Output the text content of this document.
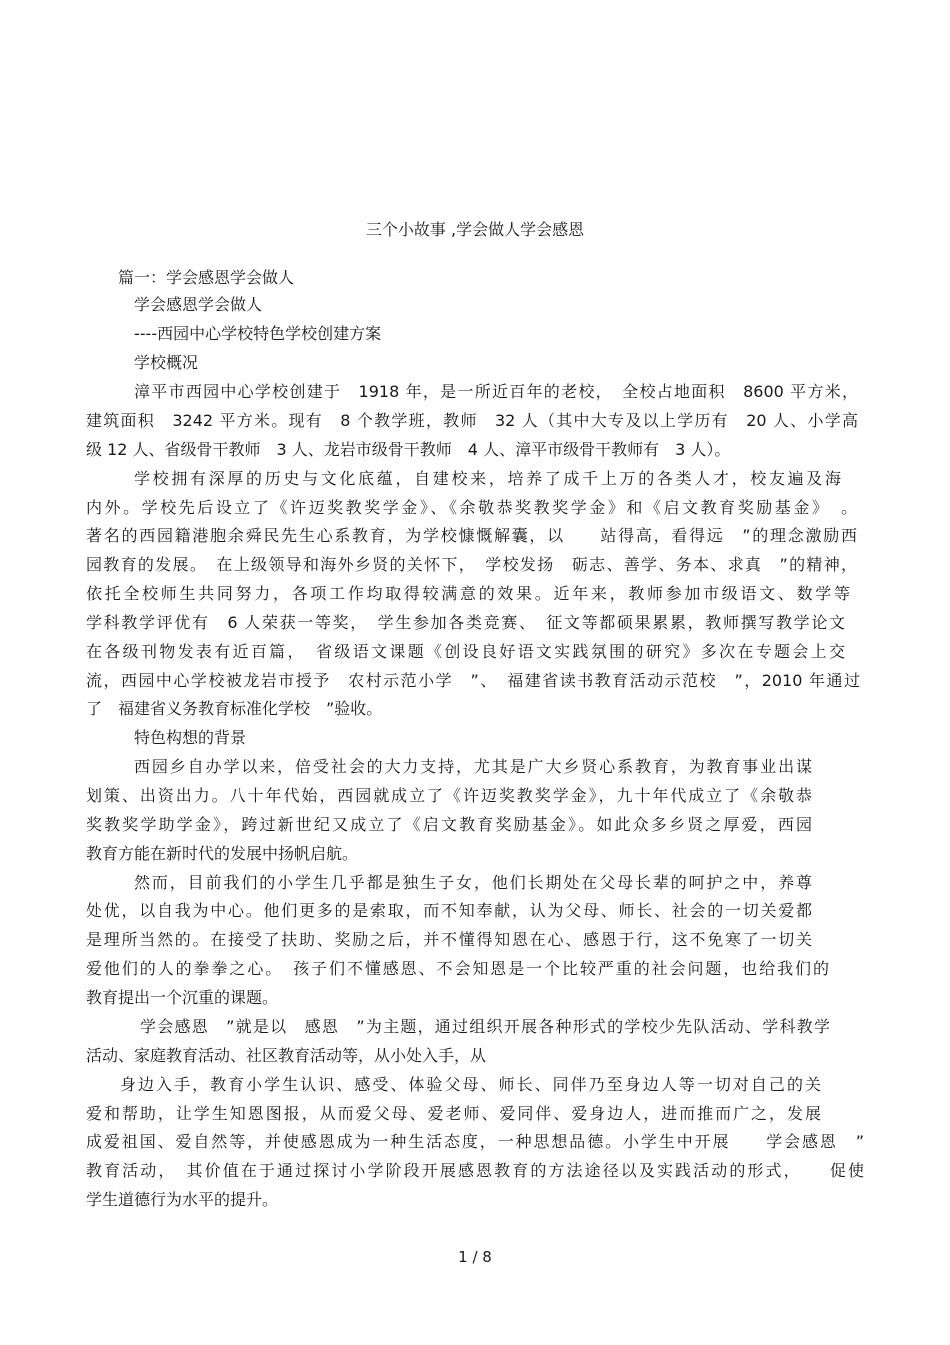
三个小故事 ,学会做人学会感恩
篇一：学会感恩学会做人
学会感恩学会做人
----西园中心学校特色学校创建方案
学校概况
漳平市西园中心学校创建于　1918 年，是一所近百年的老校，　全校占地面积　8600 平方米，
建筑面积　3242 平方米。现有　8 个教学班，教师　32 人（其中大专及以上学历有　20 人、小学高
级 12 人、省级骨干教师　3 人、龙岩市级骨干教师　4 人、漳平市级骨干教师有　3 人）。
学校拥有深厚的历史与文化底蕴，自建校来，培养了成千上万的各类人才，校友遍及海
内外。学校先后设立了《许迈奖教奖学金》、《余敬恭奖教奖学金》和《启文教育奖励基金》　。
著名的西园籍港胞余舜民先生心系教育，为学校慷慨解囊，以　　站得高，看得远　”的理念激励西
园教育的发展。　在上级领导和海外乡贤的关怀下，　学校发扬　砺志、善学、务本、求真　”的精神，
依托全校师生共同努力，各项工作均取得较满意的效果。近年来，教师参加市级语文、数学等
学科教学评优有　6 人荣获一等奖，　学生参加各类竞赛、　征文等都硕果累累，教师撰写教学论文
在各级刊物发表有近百篇，　省级语文课题《创设良好语文实践氛围的研究》多次在专题会上交
流，西园中心学校被龙岩市授予　农村示范小学　”、　福建省读书教育活动示范校　”，2010 年通过
了　福建省义务教育标准化学校　”验收。
特色构想的背景
西园乡自办学以来，倍受社会的大力支持，尤其是广大乡贤心系教育，为教育事业出谋
划策、出资出力。八十年代始，西园就成立了《许迈奖教奖学金》，九十年代成立了《余敬恭
奖教奖学助学金》，跨过新世纪又成立了《启文教育奖励基金》。如此众多乡贤之厚爱，西园
教育方能在新时代的发展中扬帆启航。
然而，目前我们的小学生几乎都是独生子女，他们长期处在父母长辈的呵护之中，养尊
处优，以自我为中心。他们更多的是索取，而不知奉献，认为父母、师长、社会的一切关爱都
是理所当然的。在接受了扶助、奖励之后，并不懂得知恩在心、感恩于行，这不免寒了一切关
爱他们的人的拳拳之心。　孩子们不懂感恩、不会知恩是一个比较严重的社会问题，也给我们的
教育提出一个沉重的课题。
学会感恩　”就是以　感恩　”为主题，通过组织开展各种形式的学校少先队活动、学科教学
活动、家庭教育活动、社区教育活动等，从小处入手，从
身边入手，教育小学生认识、感受、体验父母、师长、同伴乃至身边人等一切对自己的关
爱和帮助，让学生知恩图报，从而爱父母、爱老师、爱同伴、爱身边人，进而推而广之，发展
成爱祖国、爱自然等，并使感恩成为一种生活态度，一种思想品德。小学生中开展　　学会感恩　”
教育活动，　其价值在于通过探讨小学阶段开展感恩教育的方法途径以及实践活动的形式，　　促使
学生道德行为水平的提升。
1 / 8
